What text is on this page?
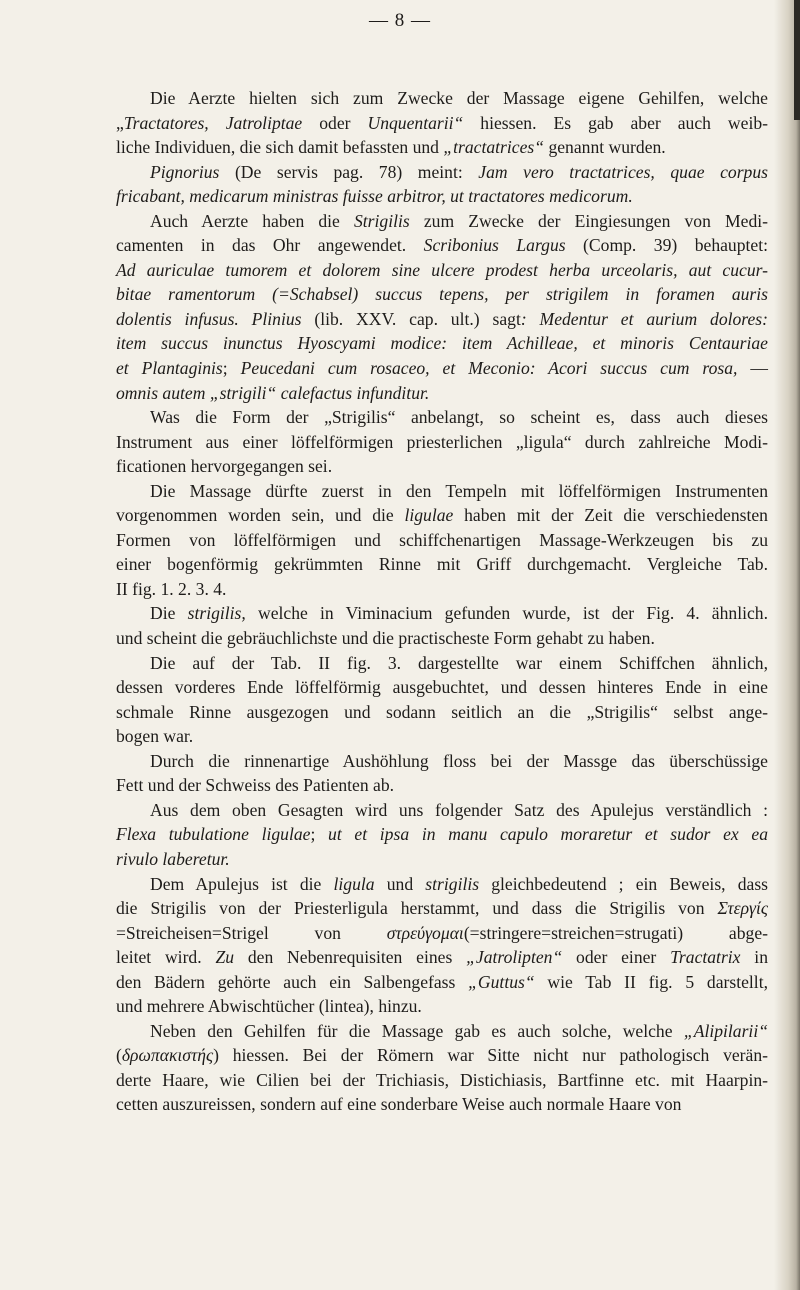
— 8 —

Die Aerzte hielten sich zum Zwecke der Massage eigene Gehilfen, welche

„Tractatores, Jatroliptae oder Unquentarii“ hiessen. Es gab aber auch weib-

liche Individuen, die sich damit befassten und „tractatrices“ genannt wurden.

Pignorius (De servis pag. 78) meint: Jam vero tractatrices, quae corpus

fricabant, medicarum ministras fuisse arbitror, ut tractatores medicorum.

Auch Aerzte haben die Strigilis zum Zwecke der Eingiesungen von Medi-

camenten in das Ohr angewendet. Scribonius Largus (Comp. 39) behauptet:

Ad auriculae tumorem et dolorem sine ulcere prodest herba urceolaris, aut cucur-

bitae ramentorum (=Schabsel) succus tepens, per strigilem in foramen auris

dolentis infusus. Plinius (lib. XXV. cap. ult.) sagt: Medentur et aurium dolores:

item succus inunctus Hyoscyami modice: item Achilleae, et minoris Centauriae

et Plantaginis; Peucedani cum rosaceo, et Meconio: Acori succus cum rosa, —

omnis autem „strigili“ calefactus infunditur.

Was die Form der „Strigilis“ anbelangt, so scheint es, dass auch dieses

Instrument aus einer löffelförmigen priesterlichen „ligula“ durch zahlreiche Modi-

ficationen hervorgegangen sei.

Die Massage dürfte zuerst in den Tempeln mit löffelförmigen Instrumenten

vorgenommen worden sein, und die ligulae haben mit der Zeit die verschiedensten

Formen von löffelförmigen und schiffchenartigen Massage-Werkzeugen bis zu

einer bogenförmig gekrümmten Rinne mit Griff durchgemacht. Vergleiche Tab.

II fig. 1. 2. 3. 4.

Die strigilis, welche in Viminacium gefunden wurde, ist der Fig. 4. ähnlich.

und scheint die gebräuchlichste und die practischeste Form gehabt zu haben.

Die auf der Tab. II fig. 3. dargestellte war einem Schiffchen ähnlich,

dessen vorderes Ende löffelförmig ausgebuchtet, und dessen hinteres Ende in eine

schmale Rinne ausgezogen und sodann seitlich an die „Strigilis“ selbst ange-

bogen war.

Durch die rinnenartige Aushöhlung floss bei der Massge das überschüssige

Fett und der Schweiss des Patienten ab.

Aus dem oben Gesagten wird uns folgender Satz des Apulejus verständlich :

Flexa tubulatione ligulae; ut et ipsa in manu capulo moraretur et sudor ex ea

rivulo laberetur.

Dem Apulejus ist die ligula und strigilis gleichbedeutend ; ein Beweis, dass

die Strigilis von der Priesterligula herstammt, und dass die Strigilis von Στεργίς

=Streicheisen=Strigel von στρεύγομαι(=stringere=streichen=strugati) abge-

leitet wird. Zu den Nebenrequisiten eines „Jatrolipten“ oder einer Tractatrix in

den Bädern gehörte auch ein Salbengefass „Guttus“ wie Tab II fig. 5 darstellt,

und mehrere Abwischtücher (lintea), hinzu.

Neben den Gehilfen für die Massage gab es auch solche, welche „Alipilarii“

(δρωπακιστής) hiessen. Bei der Römern war Sitte nicht nur pathologisch verän-

derte Haare, wie Cilien bei der Trichiasis, Distichiasis, Bartfinne etc. mit Haarpin-

cetten auszureissen, sondern auf eine sonderbare Weise auch normale Haare von
